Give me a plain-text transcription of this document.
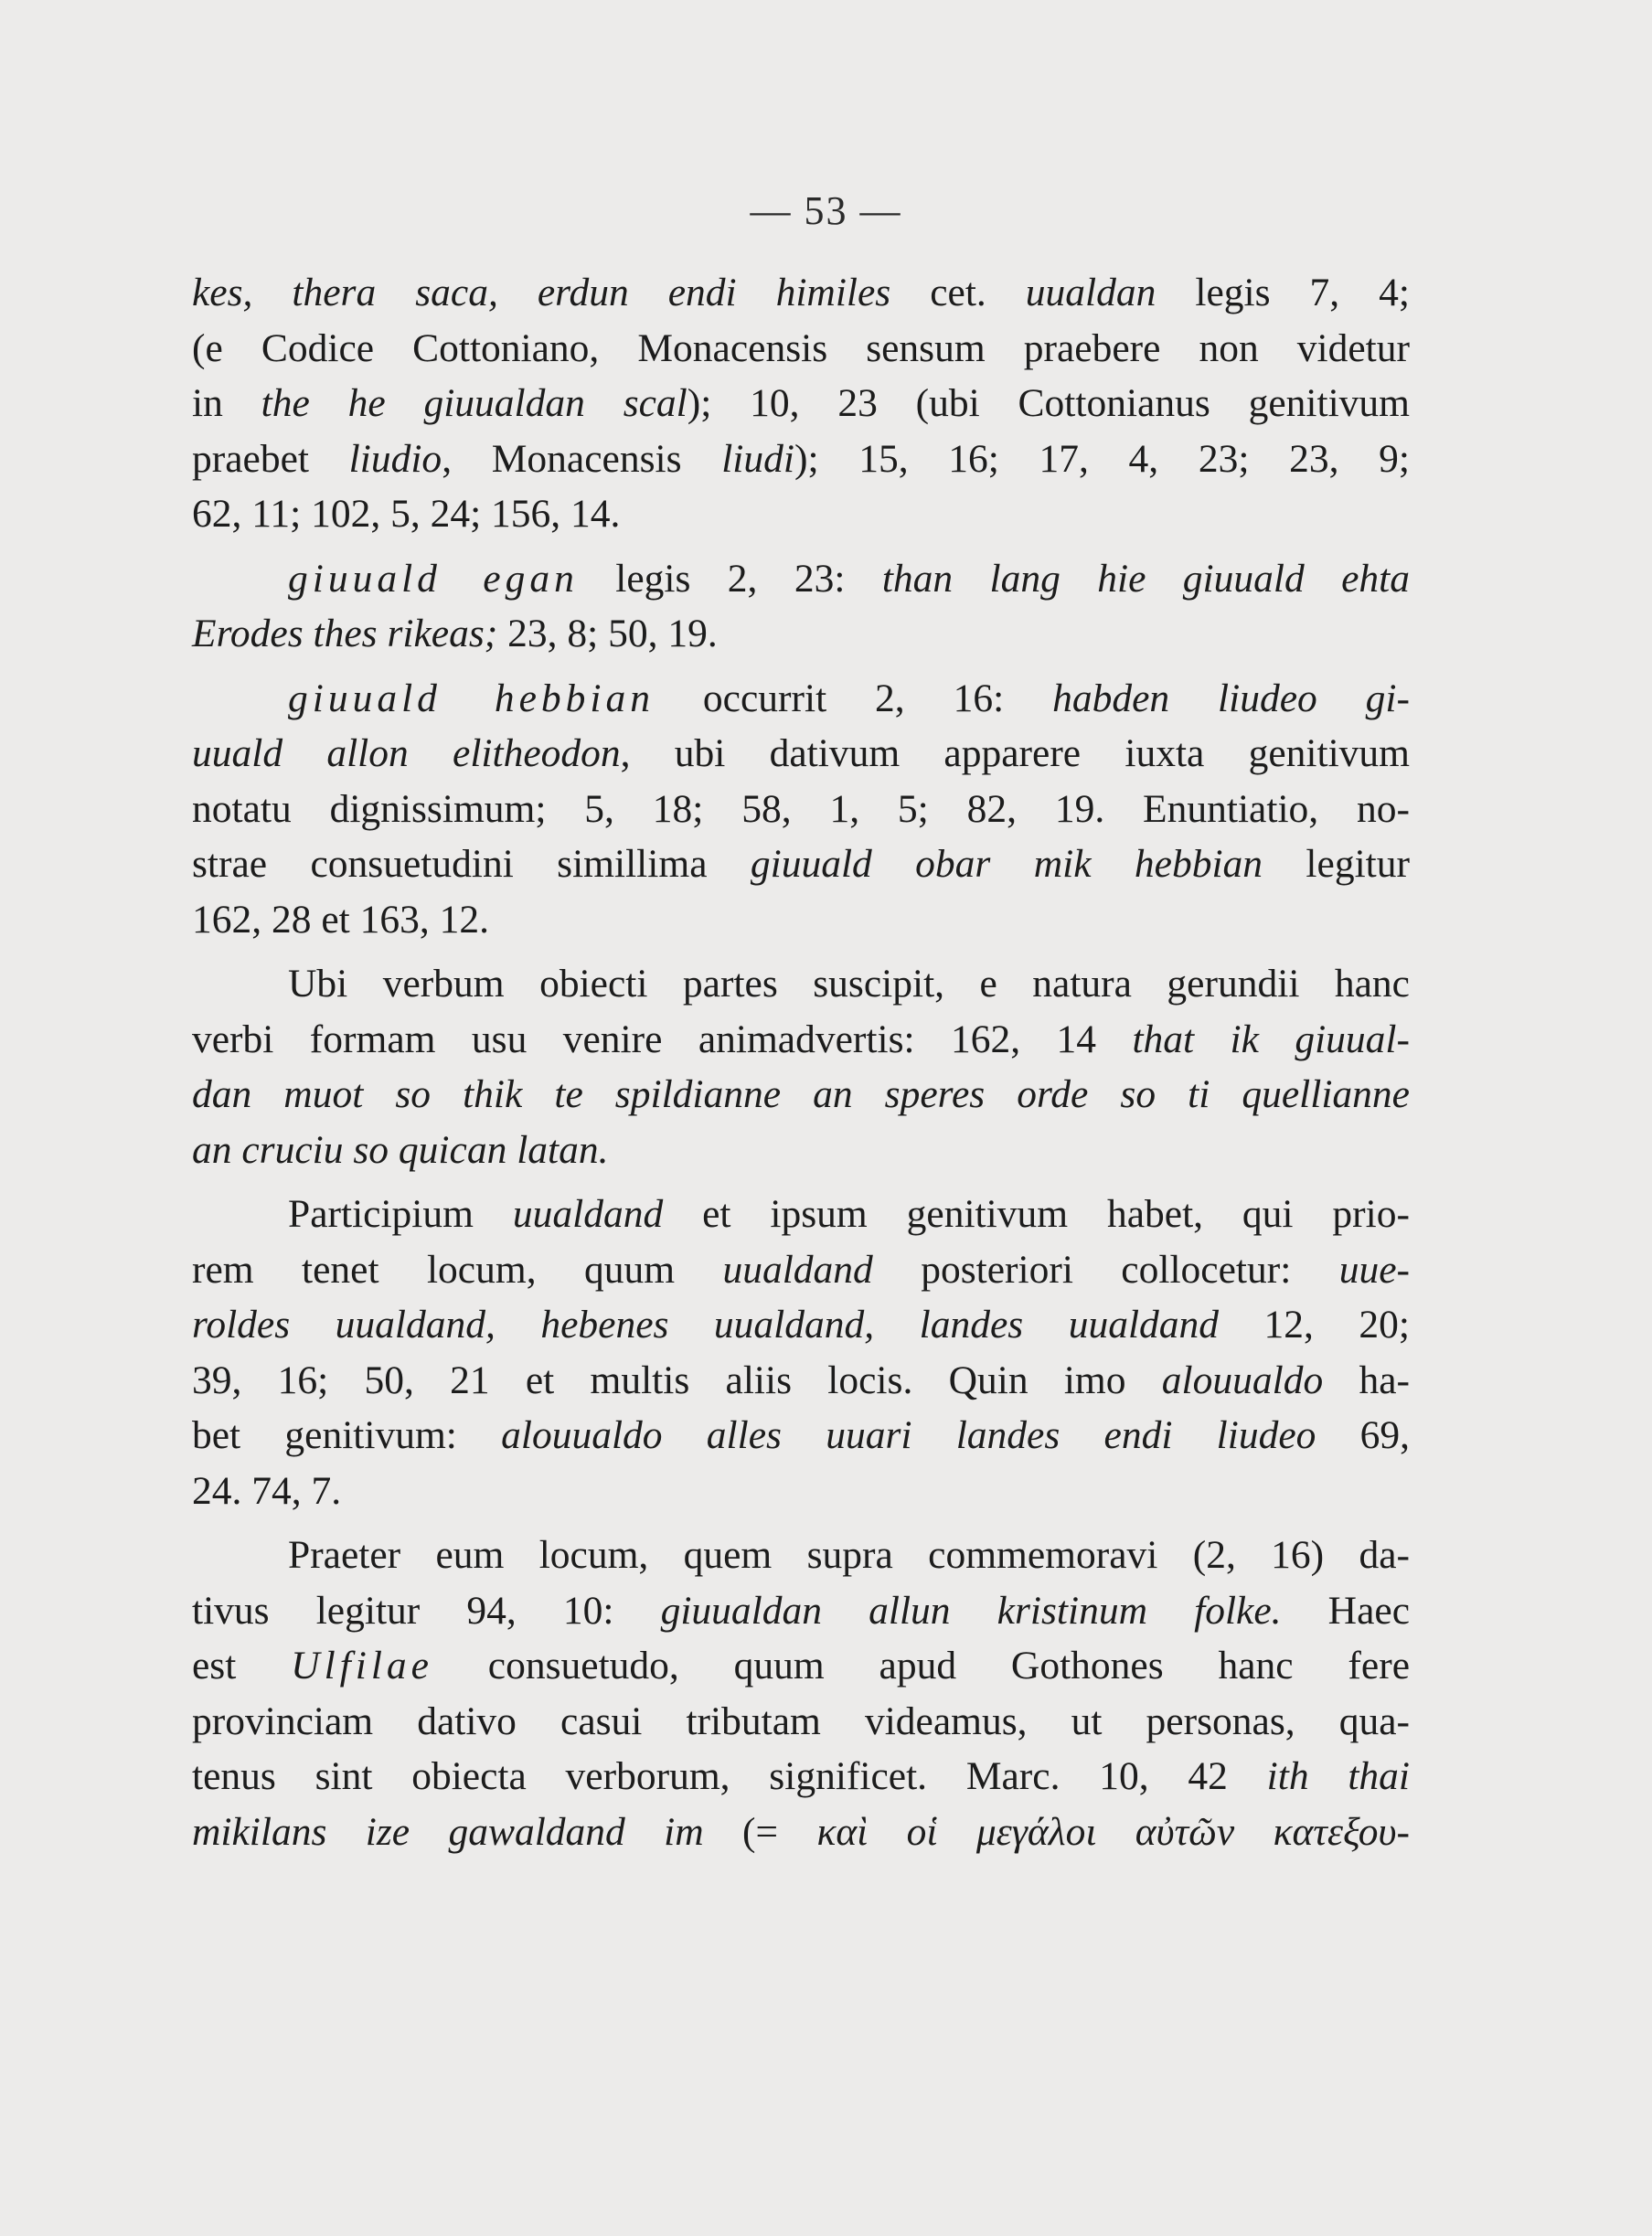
— 53 —

kes, thera saca, erdun endi himiles cet. uualdan legis 7, 4;
(e Codice Cottoniano, Monacensis sensum praebere non videtur
in the he giuualdan scal); 10, 23 (ubi Cottonianus genitivum
praebet liudio, Monacensis liudi); 15, 16; 17, 4, 23; 23, 9;
62, 11; 102, 5, 24; 156, 14.

giuuald egan legis 2, 23: than lang hie giuuald ehta
Erodes thes rikeas; 23, 8; 50, 19.

giuuald hebbian occurrit 2, 16: habden liudeo gi-
uuald allon elitheodon, ubi dativum apparere iuxta genitivum
notatu dignissimum; 5, 18; 58, 1, 5; 82, 19. Enuntiatio, no-
strae consuetudini simillima giuuald obar mik hebbian legitur
162, 28 et 163, 12.

Ubi verbum obiecti partes suscipit, e natura gerundii hanc
verbi formam usu venire animadvertis: 162, 14 that ik giuual-
dan muot so thik te spildianne an speres orde so ti quellianne
an cruciu so quican latan.

Participium uualdand et ipsum genitivum habet, qui prio-
rem tenet locum, quum uualdand posteriori collocetur: uue-
roldes uualdand, hebenes uualdand, landes uualdand 12, 20;
39, 16; 50, 21 et multis aliis locis. Quin imo alouualdo ha-
bet genitivum: alouualdo alles uuari landes endi liudeo 69,
24. 74, 7.

Praeter eum locum, quem supra commemoravi (2, 16) da-
tivus legitur 94, 10: giuualdan allun kristinum folke. Haec
est Ulfilae consuetudo, quum apud Gothones hanc fere
provinciam dativo casui tributam videamus, ut personas, qua-
tenus sint obiecta verborum, significet. Marc. 10, 42 ith thai
mikilans ize gawaldand im (= καὶ οἱ μεγάλοι αὐτῶν κατεξου-
